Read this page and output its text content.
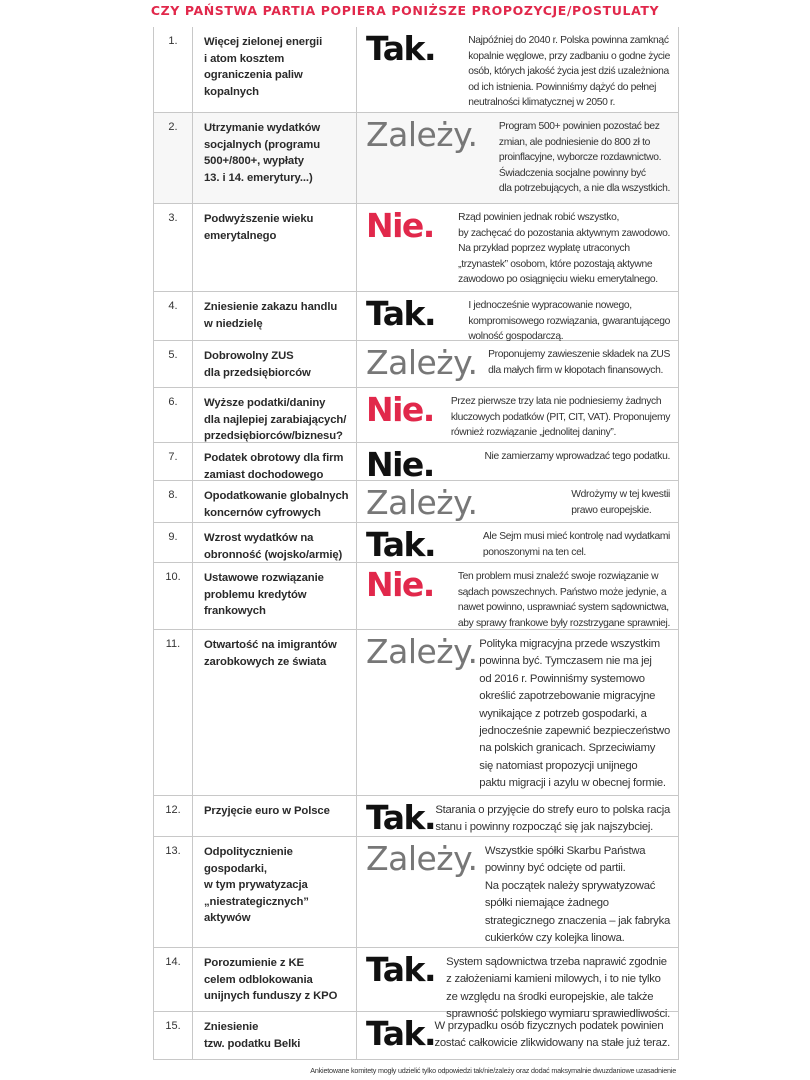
CZY PAŃSTWA PARTIA POPIERA PONIŻSZE PROPOZYCJE/POSTULATY
1.	Więcej zielonej energii
i atom kosztem
ograniczenia paliw
kopalnych
Tak.	Najpóźniej do 2040 r. Polska powinna zamknąć
kopalnie węglowe, przy zadbaniu o godne życie
osób, których jakość życia jest dziś uzależniona
od ich istnienia. Powinniśmy dążyć do pełnej
neutralności klimatycznej w 2050 r.
2.	Utrzymanie wydatków
socjalnych (programu
500+/800+, wypłaty
13. i 14. emerytury...)
Zależy. Program 500+ powinien pozostać bez
zmian, ale podniesienie do 800 zł to
proinflacyjne, wyborcze rozdawnictwo.
Świadczenia socjalne powinny być
dla potrzebujących, a nie dla wszystkich.
3.	Podwyższenie wieku
emerytalnego	Nie. Rząd powinien jednak robić wszystko,
by zachęcać do pozostania aktywnym zawodowo.
Na przykład poprzez wypłatę utraconych
„trzynastek” osobom, które pozostają aktywne
zawodowo po osiągnięciu wieku emerytalnego.
4.	Zniesienie zakazu handlu
w niedzielę	Tak.	I jednocześnie wypracowanie nowego,
kompromisowego rozwiązania, gwarantującego
wolność gospodarczą.
5.	Dobrowolny ZUS
dla przedsiębiorców	Zależy. Proponujemy zawieszenie składek na ZUS
dla małych firm w kłopotach finansowych.
6.	Wyższe podatki/daniny
dla najlepiej zarabiających/
przedsiębiorców/biznesu?
Nie. Przez pierwsze trzy lata nie podniesiemy żadnych
kluczowych podatków (PIT, CIT, VAT). Proponujemy
również rozwiązanie „jednolitej daniny”.
7.	Podatek obrotowy dla firm
zamiast dochodowego	Nie.	Nie zamierzamy wprowadzać tego podatku.
8.	Opodatkowanie globalnych
koncernów cyfrowych	Zależy.	Wdrożymy w tej kwestii
prawo europejskie.
9.	Wzrost wydatków na
obronność (wojsko/armię) Tak.	Ale Sejm musi mieć kontrolę nad wydatkami
ponoszonymi na ten cel.
10.	Ustawowe rozwiązanie
problemu kredytów
frankowych
Nie. Ten problem musi znaleźć swoje rozwiązanie w
sądach powszechnych. Państwo może jedynie, a
nawet powinno, usprawniać system sądownictwa,
aby sprawy frankowe były rozstrzygane sprawniej.
11.	Otwartość na imigrantów
zarobkowych ze świata	Zależy. Polityka migracyjna przede wszystkim
powinna być. Tymczasem nie ma jej
od 2016 r. Powinniśmy systemowo
określić zapotrzebowanie migracyjne
wynikające z potrzeb gospodarki, a
jednocześnie zapewnić bezpieczeństwo
na polskich granicach. Sprzeciwiamy
się natomiast propozycji unijnego
paktu migracji i azylu w obecnej formie.
12.	Przyjęcie euro w Polsce	Tak. Starania o przyjęcie do strefy euro to polska racja
stanu i powinny rozpocząć się jak najszybciej.
13.	Odpolitycznienie
gospodarki,
w tym prywatyzacja
„niestrategicznych”
aktywów
Zależy. Wszystkie spółki Skarbu Państwa
powinny być odcięte od partii.
Na początek należy sprywatyzować
spółki niemające żadnego
strategicznego znaczenia – jak fabryka
cukierków czy kolejka linowa.
14.	Porozumienie z KE
celem odblokowania
unijnych funduszy z KPO
Tak. System sądownictwa trzeba naprawić zgodnie
z założeniami kamieni milowych, i to nie tylko
ze względu na środki europejskie, ale także
sprawność polskiego wymiaru sprawiedliwości.
15.	Zniesienie
tzw. podatku Belki	Tak. W przypadku osób fizycznych podatek powinien
zostać całkowicie zlikwidowany na stałe już teraz.
Ankietowane komitety mogły udzielić tylko odpowiedzi tak/nie/zależy oraz dodać maksymalnie dwuzdaniowe uzasadnienie
